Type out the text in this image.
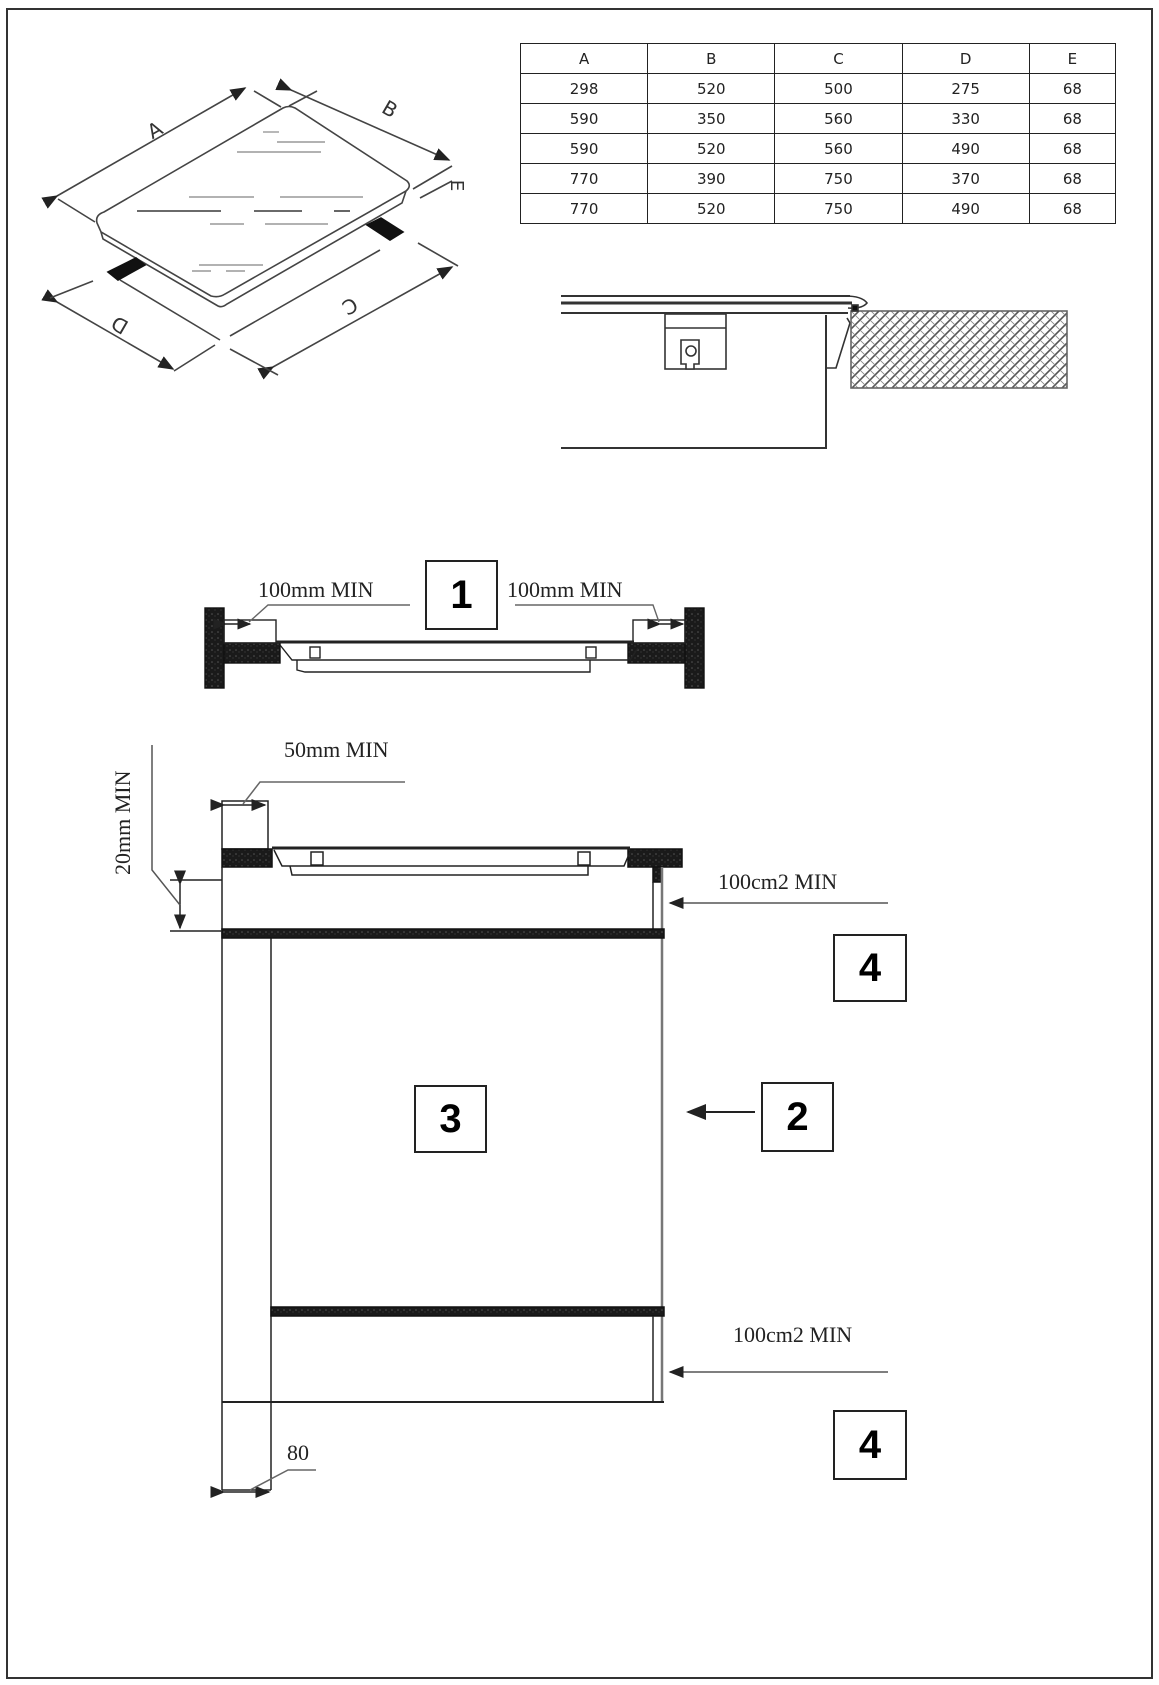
A	B	C	D	E
298	520	500	275	68
590	350	560	330	68
590	520	560	490	68
770	390	750	370	68
770	520	750	490	68
A
B
E
C
D
100mm MIN	100mm MIN
1
50mm MIN
20mm MIN
100cm2 MIN
100cm2 MIN
80
4
3	2
4
